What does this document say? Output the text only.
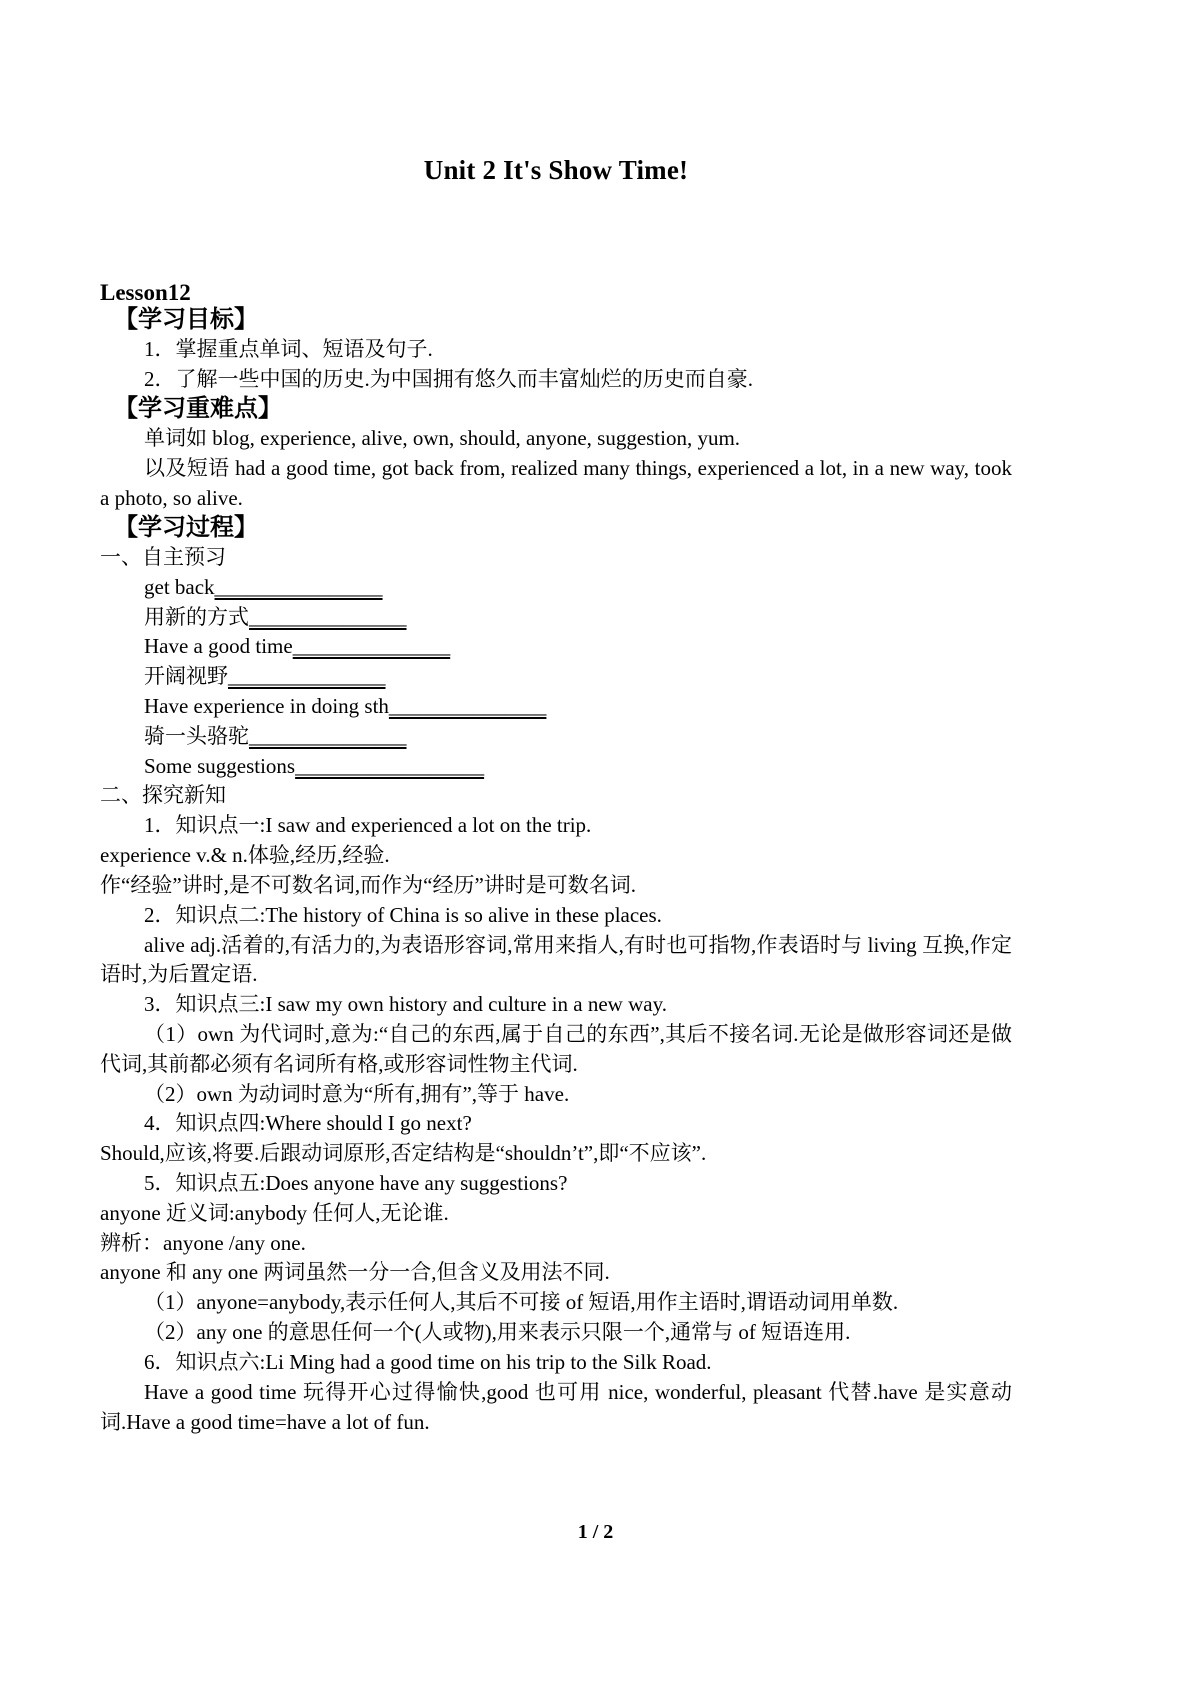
Unit 2 It's Show Time!
Lesson12
【学习目标】
1．掌握重点单词、短语及句子.
2．了解一些中国的历史.为中国拥有悠久而丰富灿烂的历史而自豪.
【学习重难点】
单词如 blog, experience, alive, own, should, anyone, suggestion, yum.
以及短语 had a good time, got back from, realized many things, experienced a lot, in a new way, took a photo, so alive.
【学习过程】
一、自主预习
get back________________
用新的方式_______________
Have a good time_______________
开阔视野_______________
Have experience in doing sth_______________
骑一头骆驼_______________
Some suggestions__________________
二、探究新知
1．知识点一:I saw and experienced a lot on the trip.
experience v.& n.体验,经历,经验.
作“经验”讲时,是不可数名词,而作为“经历”讲时是可数名词.
2．知识点二:The history of China is so alive in these places.
alive adj.活着的,有活力的,为表语形容词,常用来指人,有时也可指物,作表语时与 living 互换,作定语时,为后置定语.
3．知识点三:I saw my own history and culture in a new way.
（1）own 为代词时,意为:“自己的东西,属于自己的东西”,其后不接名词.无论是做形容词还是做代词,其前都必须有名词所有格,或形容词性物主代词.
（2）own 为动词时意为“所有,拥有”,等于 have.
4．知识点四:Where should I go next?
Should,应该,将要.后跟动词原形,否定结构是“shouldn’t”,即“不应该”.
5．知识点五:Does anyone have any suggestions?
anyone 近义词:anybody 任何人,无论谁.
辨析：anyone /any one.
anyone 和 any one 两词虽然一分一合,但含义及用法不同.
（1）anyone=anybody,表示任何人,其后不可接 of 短语,用作主语时,谓语动词用单数.
（2）any one 的意思任何一个(人或物),用来表示只限一个,通常与 of 短语连用.
6．知识点六:Li Ming had a good time on his trip to the Silk Road.
Have a good time 玩得开心过得愉快,good 也可用 nice, wonderful, pleasant 代替.have 是实意动词.Have a good time=have a lot of fun.
1 / 2
